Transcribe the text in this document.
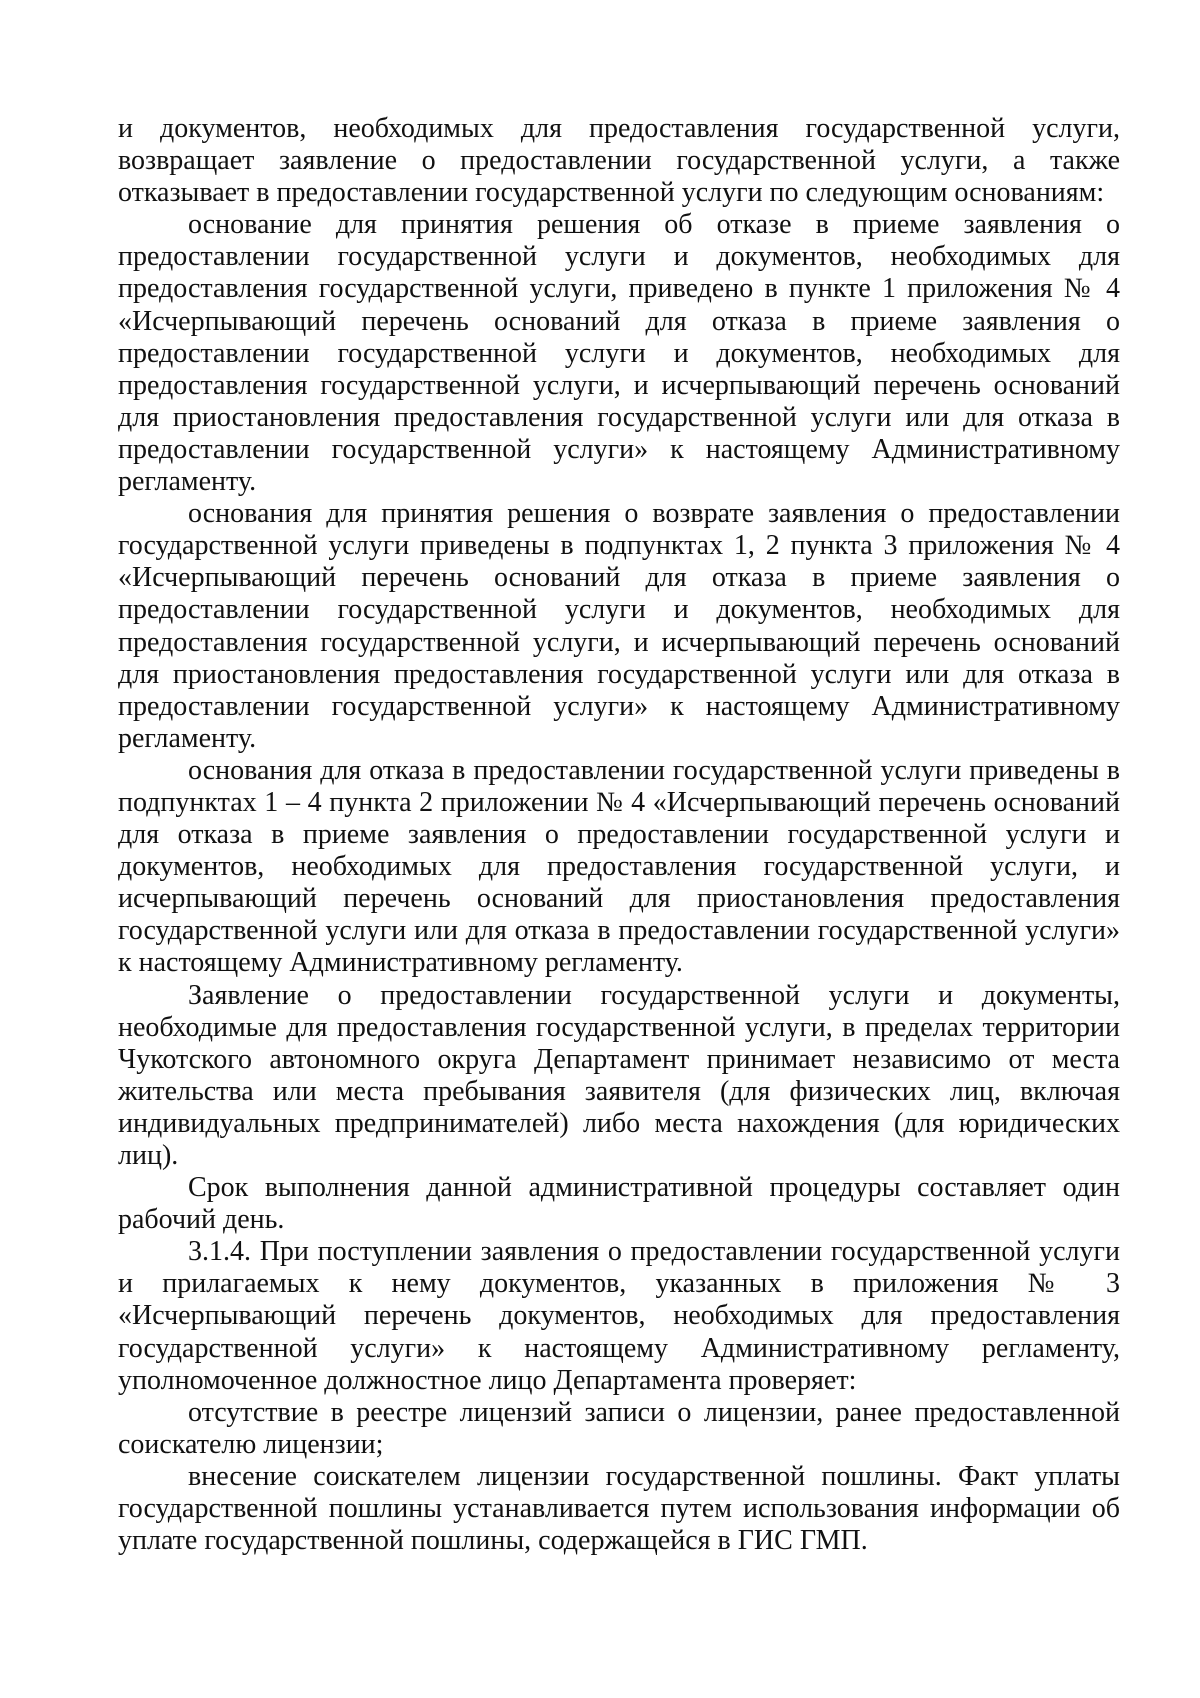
и документов, необходимых для предоставления государственной услуги, возвращает заявление о предоставлении государственной услуги, а также отказывает в предоставлении государственной услуги по следующим основаниям:

основание для принятия решения об отказе в приеме заявления о предоставлении государственной услуги и документов, необходимых для предоставления государственной услуги, приведено в пункте 1 приложения № 4 «Исчерпывающий перечень оснований для отказа в приеме заявления о предоставлении государственной услуги и документов, необходимых для предоставления государственной услуги, и исчерпывающий перечень оснований для приостановления предоставления государственной услуги или для отказа в предоставлении государственной услуги» к настоящему Административному регламенту.

основания для принятия решения о возврате заявления о предоставлении государственной услуги приведены в подпунктах 1, 2 пункта 3 приложения № 4 «Исчерпывающий перечень оснований для отказа в приеме заявления о предоставлении государственной услуги и документов, необходимых для предоставления государственной услуги, и исчерпывающий перечень оснований для приостановления предоставления государственной услуги или для отказа в предоставлении государственной услуги» к настоящему Административному регламенту.

основания для отказа в предоставлении государственной услуги приведены в подпунктах 1 – 4 пункта 2 приложении № 4 «Исчерпывающий перечень оснований для отказа в приеме заявления о предоставлении государственной услуги и документов, необходимых для предоставления государственной услуги, и исчерпывающий перечень оснований для приостановления предоставления государственной услуги или для отказа в предоставлении государственной услуги» к настоящему Административному регламенту.

Заявление о предоставлении государственной услуги и документы, необходимые для предоставления государственной услуги, в пределах территории Чукотского автономного округа Департамент принимает независимо от места жительства или места пребывания заявителя (для физических лиц, включая индивидуальных предпринимателей) либо места нахождения (для юридических лиц).

Срок выполнения данной административной процедуры составляет один рабочий день.

3.1.4. При поступлении заявления о предоставлении государственной услуги и прилагаемых к нему документов, указанных в приложения № 3 «Исчерпывающий перечень документов, необходимых для предоставления государственной услуги» к настоящему Административному регламенту, уполномоченное должностное лицо Департамента проверяет:

отсутствие в реестре лицензий записи о лицензии, ранее предоставленной соискателю лицензии;

внесение соискателем лицензии государственной пошлины. Факт уплаты государственной пошлины устанавливается путем использования информации об уплате государственной пошлины, содержащейся в ГИС ГМП.
